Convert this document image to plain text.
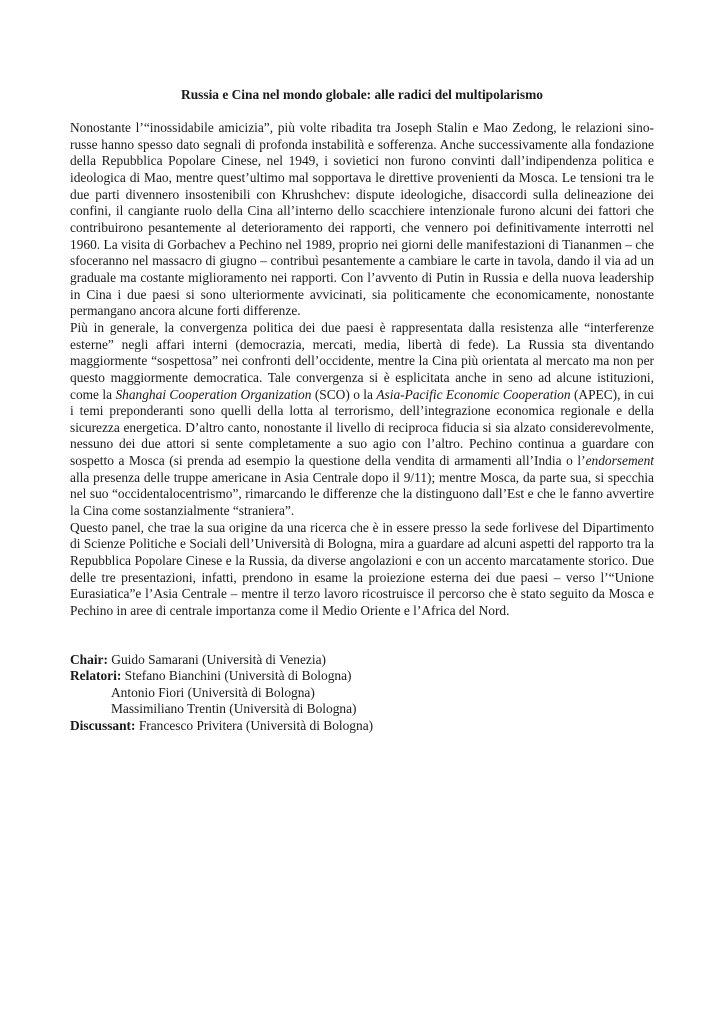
Russia e Cina nel mondo globale: alle radici del multipolarismo

Nonostante l’“inossidabile amicizia”, più volte ribadita tra Joseph Stalin e Mao Zedong, le relazioni sino-russe hanno spesso dato segnali di profonda instabilità e sofferenza. Anche successivamente alla fondazione della Repubblica Popolare Cinese, nel 1949, i sovietici non furono convinti dall’indipendenza politica e ideologica di Mao, mentre quest’ultimo mal sopportava le direttive provenienti da Mosca. Le tensioni tra le due parti divennero insostenibili con Khrushchev: dispute ideologiche, disaccordi sulla delineazione dei confini, il cangiante ruolo della Cina all’interno dello scacchiere intenzionale furono alcuni dei fattori che contribuirono pesantemente al deterioramento dei rapporti, che vennero poi definitivamente interrotti nel 1960. La visita di Gorbachev a Pechino nel 1989, proprio nei giorni delle manifestazioni di Tiananmen – che sfoceranno nel massacro di giugno – contribuì pesantemente a cambiare le carte in tavola, dando il via ad un graduale ma costante miglioramento nei rapporti. Con l’avvento di Putin in Russia e della nuova leadership in Cina i due paesi si sono ulteriormente avvicinati, sia politicamente che economicamente, nonostante permangano ancora alcune forti differenze.

Più in generale, la convergenza politica dei due paesi è rappresentata dalla resistenza alle “interferenze esterne” negli affari interni (democrazia, mercati, media, libertà di fede). La Russia sta diventando maggiormente “sospettosa” nei confronti dell’occidente, mentre la Cina più orientata al mercato ma non per questo maggiormente democratica. Tale convergenza si è esplicitata anche in seno ad alcune istituzioni, come la Shanghai Cooperation Organization (SCO) o la Asia-Pacific Economic Cooperation (APEC), in cui i temi preponderanti sono quelli della lotta al terrorismo, dell’integrazione economica regionale e della sicurezza energetica. D’altro canto, nonostante il livello di reciproca fiducia si sia alzato considerevolmente, nessuno dei due attori si sente completamente a suo agio con l’altro. Pechino continua a guardare con sospetto a Mosca (si prenda ad esempio la questione della vendita di armamenti all’India o l’endorsement alla presenza delle truppe americane in Asia Centrale dopo il 9/11); mentre Mosca, da parte sua, si specchia nel suo “occidentalocentrismo”, rimarcando le differenze che la distinguono dall’Est e che le fanno avvertire la Cina come sostanzialmente “straniera”.

Questo panel, che trae la sua origine da una ricerca che è in essere presso la sede forlivese del Dipartimento di Scienze Politiche e Sociali dell’Università di Bologna, mira a guardare ad alcuni aspetti del rapporto tra la Repubblica Popolare Cinese e la Russia, da diverse angolazioni e con un accento marcatamente storico. Due delle tre presentazioni, infatti, prendono in esame la proiezione esterna dei due paesi – verso l’“Unione Eurasiatica”e l’Asia Centrale – mentre il terzo lavoro ricostruisce il percorso che è stato seguito da Mosca e Pechino in aree di centrale importanza come il Medio Oriente e l’Africa del Nord.

Chair: Guido Samarani (Università di Venezia)

Relatori: Stefano Bianchini (Università di Bologna)

Antonio Fiori (Università di Bologna)

Massimiliano Trentin (Università di Bologna)

Discussant: Francesco Privitera (Università di Bologna)
